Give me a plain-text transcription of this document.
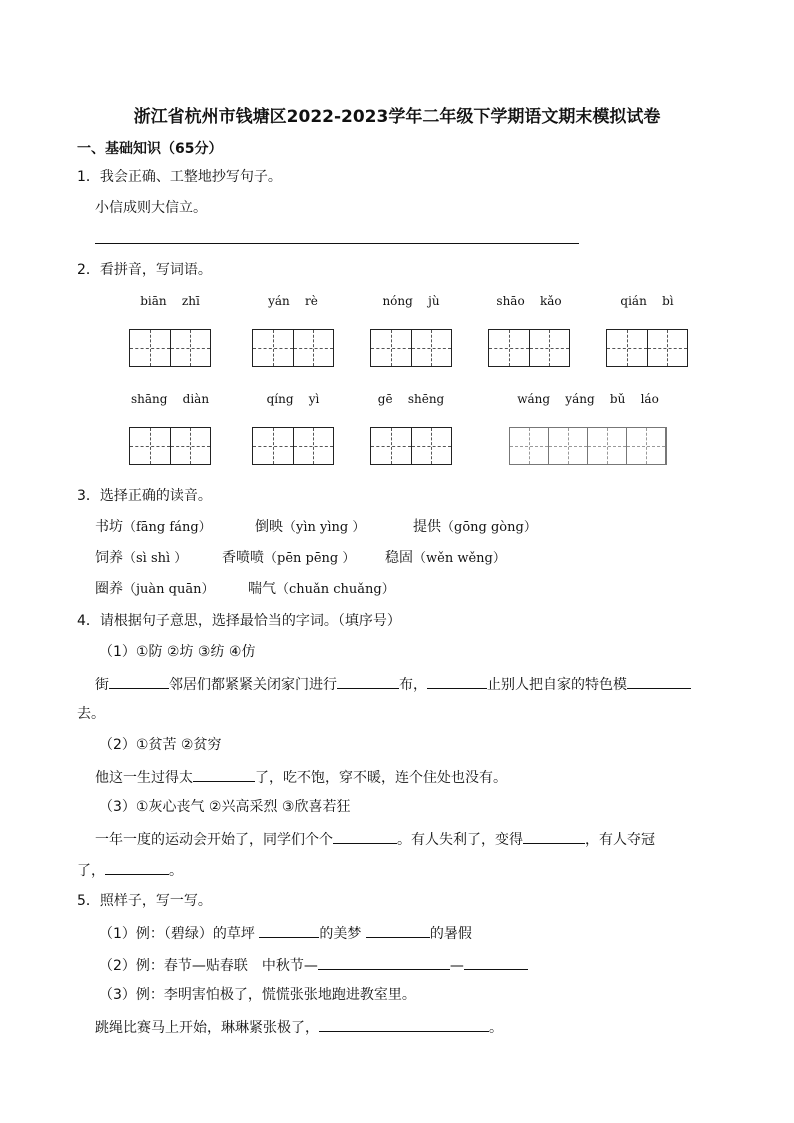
浙江省杭州市钱塘区2022-2023学年二年级下学期语文期末模拟试卷
一、基础知识（65分）
1．我会正确、工整地抄写句子。
小信成则大信立。
2．看拼音，写词语。
biān zhī	yán rè	nóng jù	shāo kǎo	qián bì
shāng diàn	qíng yì	gē shēng	wáng yáng bǔ láo
3．选择正确的读音。
书坊（fāng fáng）	倒映（yìn yìng ）	提供（gōng gòng）
饲养（sì shì ） 香喷喷（pēn pēng ） 稳固（wěn wěng）
圈养（juàn quān） 喘气（chuǎn chuǎng）
4．请根据句子意思，选择最恰当的字词。（填序号）
（1）①防 ②坊 ③纺 ④仿
街	邻居们都紧紧关闭家门进行	布，	止别人把自家的特色模
去。
（2）①贫苦 ②贫穷
他这一生过得太	了，吃不饱，穿不暖，连个住处也没有。
（3）①灰心丧气 ②兴高采烈 ③欣喜若狂
一年一度的运动会开始了，同学们个个	。有人失利了，变得	，有人夺冠
了，	。
5．照样子，写一写。
（1）例：（碧绿）的草坪	的美梦	的暑假
（2）例：春节—贴春联　中秋节—	—
（3）例：李明害怕极了，慌慌张张地跑进教室里。
跳绳比赛马上开始，琳琳紧张极了，	。
